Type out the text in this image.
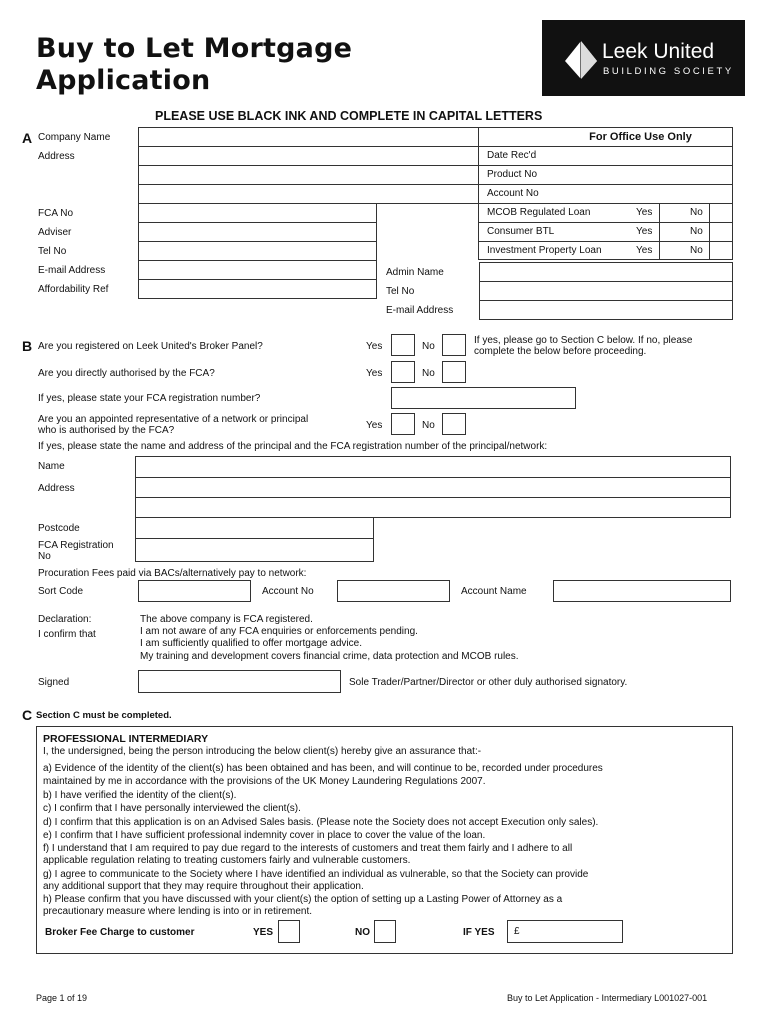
Buy to Let Mortgage
Application
Leek United
BUILDING SOCIETY
PLEASE USE BLACK INK AND COMPLETE IN CAPITAL LETTERS
A Company Name
Address
FCA No
Adviser
Tel No
E-mail Address
Affordability Ref
Admin Name
Tel No
E-mail Address
For Office Use Only
Date Rec'd
Product No
Account No
MCOB Regulated Loan	Yes	No
Consumer BTL	Yes	No
Investment Property Loan	Yes	No
B Are you registered on Leek United's Broker Panel?	Yes	No
If yes, please go to Section C below. If no, please
complete the below before proceeding.
Are you directly authorised by the FCA?	Yes	No
If yes, please state your FCA registration number?
Are you an appointed representative of a network or principal
who is authorised by the FCA?	Yes	No
If yes, please state the name and address of the principal and the FCA registration number of the principal/network:
Name
Address
Postcode
FCA Registration
No
Procuration Fees paid via BACs/alternatively pay to network:
Sort Code	Account No	Account Name
Declaration:
I confirm that
The above company is FCA registered.
I am not aware of any FCA enquiries or enforcements pending.
I am sufficiently qualified to offer mortgage advice.
My training and development covers financial crime, data protection and MCOB rules.
Signed	Sole Trader/Partner/Director or other duly authorised signatory.
C Section C must be completed.
PROFESSIONAL INTERMEDIARY
I, the undersigned, being the person introducing the below client(s) hereby give an assurance that:-
a) Evidence of the identity of the client(s) has been obtained and has been, and will continue to be, recorded under procedures
maintained by me in accordance with the provisions of the UK Money Laundering Regulations 2007.
b) I have verified the identity of the client(s).
c) I confirm that I have personally interviewed the client(s).
d) I confirm that this application is on an Advised Sales basis. (Please note the Society does not accept Execution only sales).
e) I confirm that I have sufficient professional indemnity cover in place to cover the value of the loan.
f) I understand that I am required to pay due regard to the interests of customers and treat them fairly and I adhere to all
applicable regulation relating to treating customers fairly and vulnerable customers.
g) I agree to communicate to the Society where I have identified an individual as vulnerable, so that the Society can provide
any additional support that they may require throughout their application.
h) Please confirm that you have discussed with your client(s) the option of setting up a Lasting Power of Attorney as a
precautionary measure where lending is into or in retirement.
Broker Fee Charge to customer	YES	NO	IF YES £
Page 1 of 19	Buy to Let Application - Intermediary L001027-001
